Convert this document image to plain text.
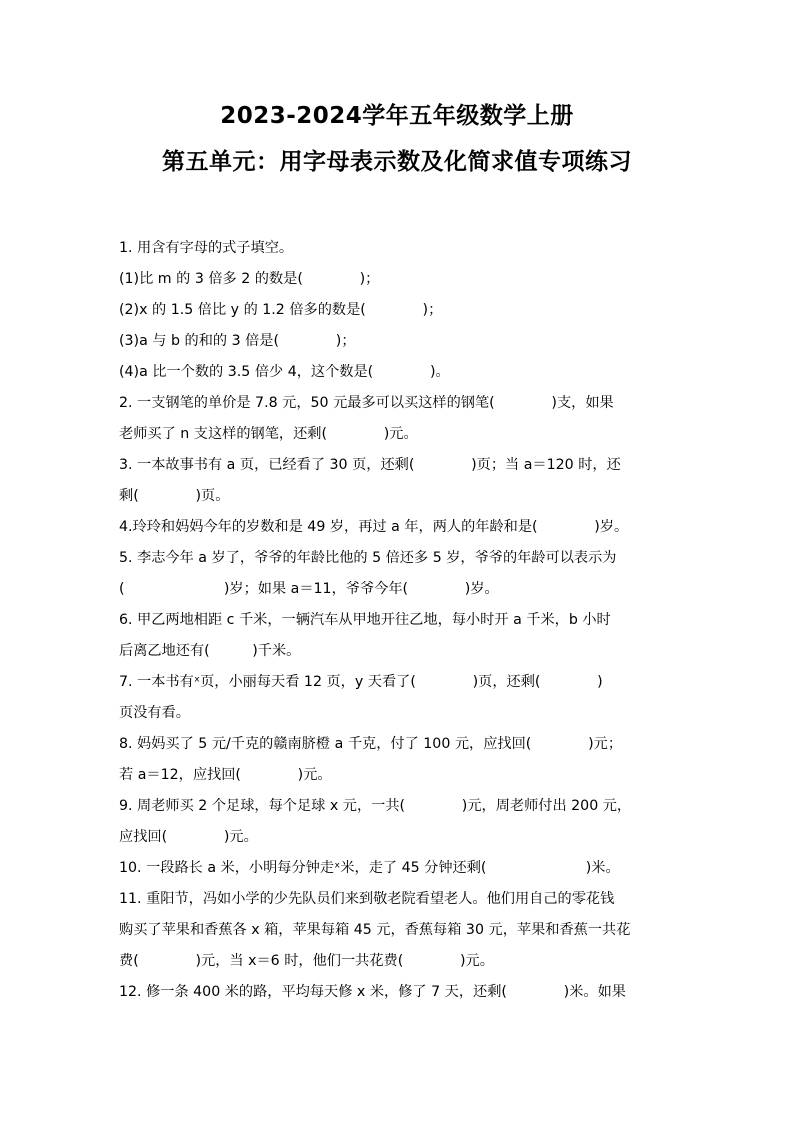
2023-2024学年五年级数学上册
第五单元：用字母表示数及化简求值专项练习
1. 用含有字母的式子填空。
(1)比 m 的 3 倍多 2 的数是(　　　　)；
(2)x 的 1.5 倍比 y 的 1.2 倍多的数是(　　　　)；
(3)a 与 b 的和的 3 倍是(　　　　)；
(4)a 比一个数的 3.5 倍少 4，这个数是(　　　　)。
2. 一支钢笔的单价是 7.8 元，50 元最多可以买这样的钢笔(　　　　)支，如果
老师买了 n 支这样的钢笔，还剩(　　　　)元。
3. 一本故事书有 a 页，已经看了 30 页，还剩(　　　　)页；当 a＝120 时，还
剩(　　　　)页。
4.玲玲和妈妈今年的岁数和是 49 岁，再过 a 年，两人的年龄和是(　　　　)岁。
5. 李志今年 a 岁了，爷爷的年龄比他的 5 倍还多 5 岁，爷爷的年龄可以表示为
(　　　　　　　)岁；如果 a＝11，爷爷今年(　　　　)岁。
6. 甲乙两地相距 c 千米，一辆汽车从甲地开往乙地，每小时开 a 千米，b 小时
后离乙地还有(　　　)千米。
7. 一本书有ˣ页，小丽每天看 12 页，y 天看了(　　　　)页，还剩(　　　　)
页没有看。
8. 妈妈买了 5 元/千克的赣南脐橙 a 千克，付了 100 元，应找回(　　　　)元；
若 a＝12，应找回(　　　　)元。
9. 周老师买 2 个足球，每个足球 x 元，一共(　　　　)元，周老师付出 200 元，
应找回(　　　　)元。
10. 一段路长 a 米，小明每分钟走ˣ米，走了 45 分钟还剩(　　　　　　　)米。
11. 重阳节，冯如小学的少先队员们来到敬老院看望老人。他们用自己的零花钱
购买了苹果和香蕉各 x 箱，苹果每箱 45 元，香蕉每箱 30 元，苹果和香蕉一共花
费(　　　　)元，当 x＝6 时，他们一共花费(　　　　)元。
12. 修一条 400 米的路，平均每天修 x 米，修了 7 天，还剩(　　　　)米。如果
